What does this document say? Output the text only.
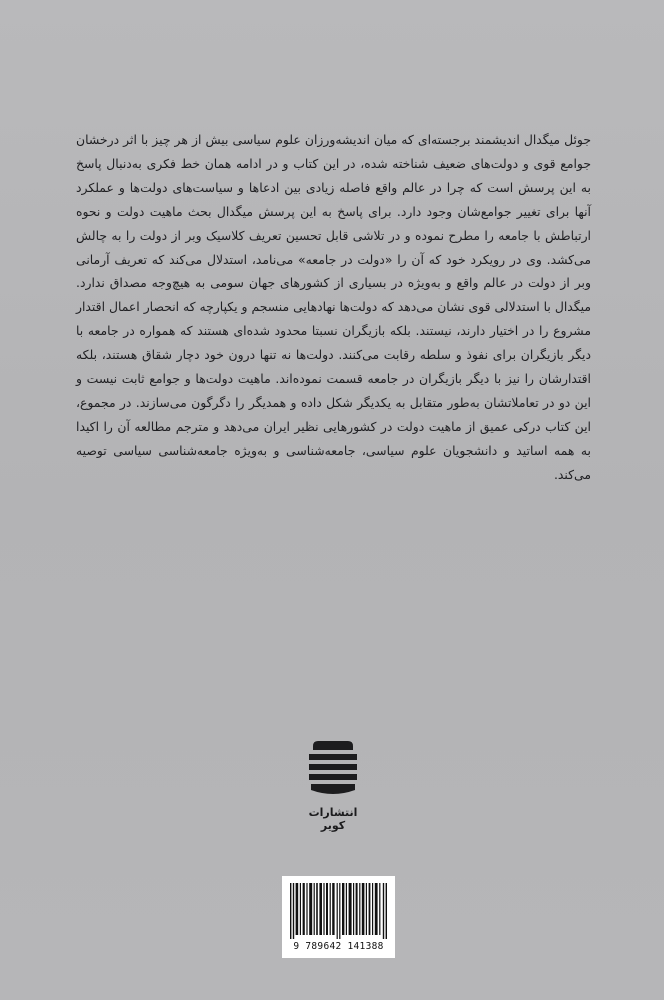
جوئل میگدال اندیشمند برجسته‌ای که میان اندیشه‌ورزان علوم سیاسی بیش از هر چیز با اثر درخشان جوامع قوی و دولت‌های ضعیف شناخته شده، در این کتاب و در ادامه همان خط فکری به‌دنبال پاسخ به این پرسش است که چرا در عالم واقع فاصله زیادی بین ادعاها و سیاست‌های دولت‌ها و عملکرد آنها برای تغییر جوامع‌شان وجود دارد. برای پاسخ به این پرسش میگدال بحث ماهیت دولت و نحوه ارتباطش با جامعه را مطرح نموده و در تلاشی قابل تحسین تعریف کلاسیک وبر از دولت را به چالش می‌کشد. وی در رویکرد خود که آن را «دولت در جامعه» می‌نامد، استدلال می‌کند که تعریف آرمانی وبر از دولت در عالم واقع و به‌ویژه در بسیاری از کشورهای جهان سومی به هیچ‌وجه مصداق ندارد. میگدال با استدلالی قوی نشان می‌دهد که دولت‌ها نهادهایی منسجم و یکپارچه که انحصار اعمال اقتدار مشروع را در اختیار دارند، نیستند. بلکه بازیگران نسبتا محدود شده‌ای هستند که همواره در جامعه با دیگر بازیگران برای نفوذ و سلطه رقابت می‌کنند. دولت‌ها نه تنها درون خود دچار شقاق هستند، بلکه اقتدارشان را نیز با دیگر بازیگران در جامعه قسمت نموده‌اند. ماهیت دولت‌ها و جوامع ثابت نیست و این دو در تعاملاتشان به‌طور متقابل به یکدیگر شکل داده و همدیگر را دگرگون می‌سازند. در مجموع، این کتاب درکی عمیق از ماهیت دولت در کشورهایی نظیر ایران می‌دهد و مترجم مطالعه آن را اکیدا به همه اساتید و دانشجویان علوم سیاسی، جامعه‌شناسی و به‌ویژه جامعه‌شناسی سیاسی توصیه می‌کند.

انتشارات کویر
9 789642 141388
